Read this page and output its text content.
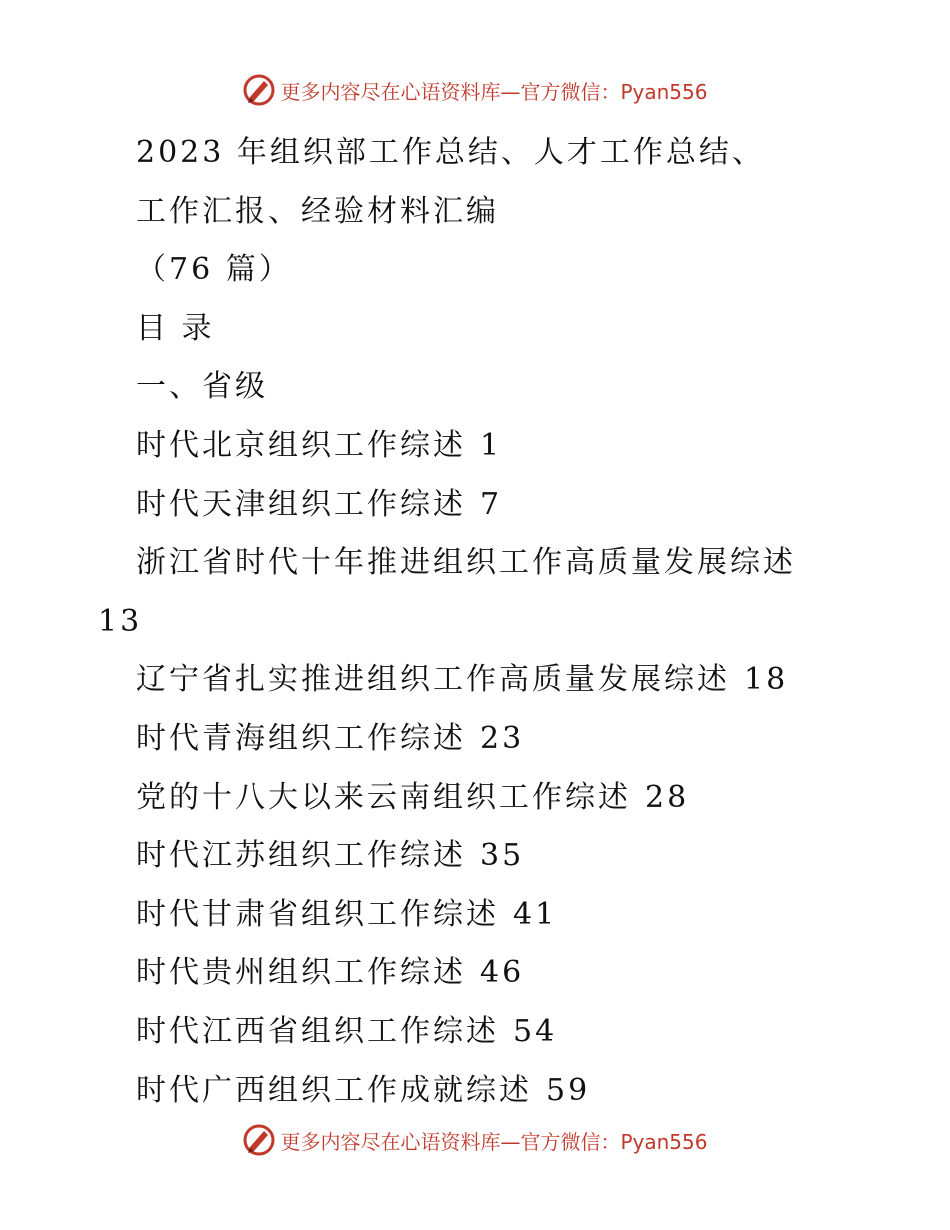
更多内容尽在心语资料库—官方微信：Pyan556
2023 年组织部工作总结、人才工作总结、
工作汇报、经验材料汇编
（76 篇）
目 录
一、省级
时代北京组织工作综述 1
时代天津组织工作综述 7
浙江省时代十年推进组织工作高质量发展综述
13
辽宁省扎实推进组织工作高质量发展综述 18
时代青海组织工作综述 23
党的十八大以来云南组织工作综述 28
时代江苏组织工作综述 35
时代甘肃省组织工作综述 41
时代贵州组织工作综述 46
时代江西省组织工作综述 54
时代广西组织工作成就综述 59
更多内容尽在心语资料库—官方微信：Pyan556
